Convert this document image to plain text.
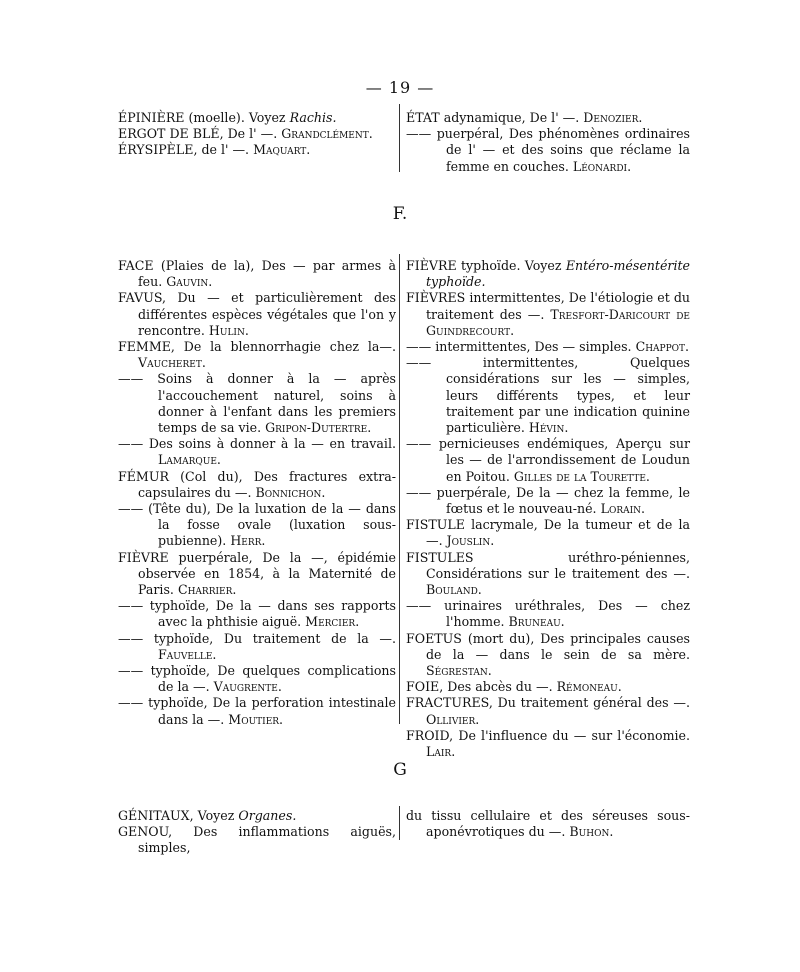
— 19 —

ÉPINIÈRE (moelle). Voyez Rachis.

ERGOT DE BLÉ, De l' —. Grandclément.

ÉRYSIPÈLE, de l' —. Maquart.

ÉTAT adynamique, De l' —. Denozier.

—— puerpéral, Des phénomènes ordinaires de l' — et des soins que réclame la femme en couches. Léonardi.

F.

FACE (Plaies de la), Des — par armes à feu. Gauvin.

FAVUS, Du — et particulièrement des différentes espèces végétales que l'on y rencontre. Hulin.

FEMME, De la blennorrhagie chez la—. Vaucheret.

—— Soins à donner à la — après l'accouchement naturel, soins à donner à l'enfant dans les premiers temps de sa vie. Gripon-Dutertre.

—— Des soins à donner à la — en travail. Lamarque.

FÉMUR (Col du), Des fractures extra-capsulaires du —. Bonnichon.

—— (Tête du), De la luxation de la — dans la fosse ovale (luxation sous-pubienne). Herr.

FIÈVRE puerpérale, De la —, épidémie observée en 1854, à la Maternité de Paris. Charrier.

—— typhoïde, De la — dans ses rapports avec la phthisie aiguë. Mercier.

—— typhoïde, Du traitement de la —. Fauvelle.

—— typhoïde, De quelques complications de la —. Vaugrente.

—— typhoïde, De la perforation intestinale dans la —. Moutier.

FIÈVRE typhoïde. Voyez Entéro-mésentérite typhoïde.

FIÈVRES intermittentes, De l'étiologie et du traitement des —. Tresfort-Daricourt de Guindrecourt.

—— intermittentes, Des — simples. Chappot.

—— intermittentes, Quelques considérations sur les — simples, leurs différents types, et leur traitement par une indication quinine particulière. Hévin.

—— pernicieuses endémiques, Aperçu sur les — de l'arrondissement de Loudun en Poitou. Gilles de la Tourette.

—— puerpérale, De la — chez la femme, le fœtus et le nouveau-né. Lorain.

FISTULE lacrymale, De la tumeur et de la—. Jouslin.

FISTULES uréthro-péniennes, Considérations sur le traitement des —. Bouland.

—— urinaires uréthrales, Des — chez l'homme. Bruneau.

FOETUS (mort du), Des principales causes de la — dans le sein de sa mère. Ségrestan.

FOIE, Des abcès du —. Rémoneau.

FRACTURES, Du traitement général des —. Ollivier.

FROID, De l'influence du — sur l'économie. Lair.

G

GÉNITAUX, Voyez Organes.

GENOU, Des inflammations aiguës, simples,

du tissu cellulaire et des séreuses sous-aponévrotiques du —. Buhon.
